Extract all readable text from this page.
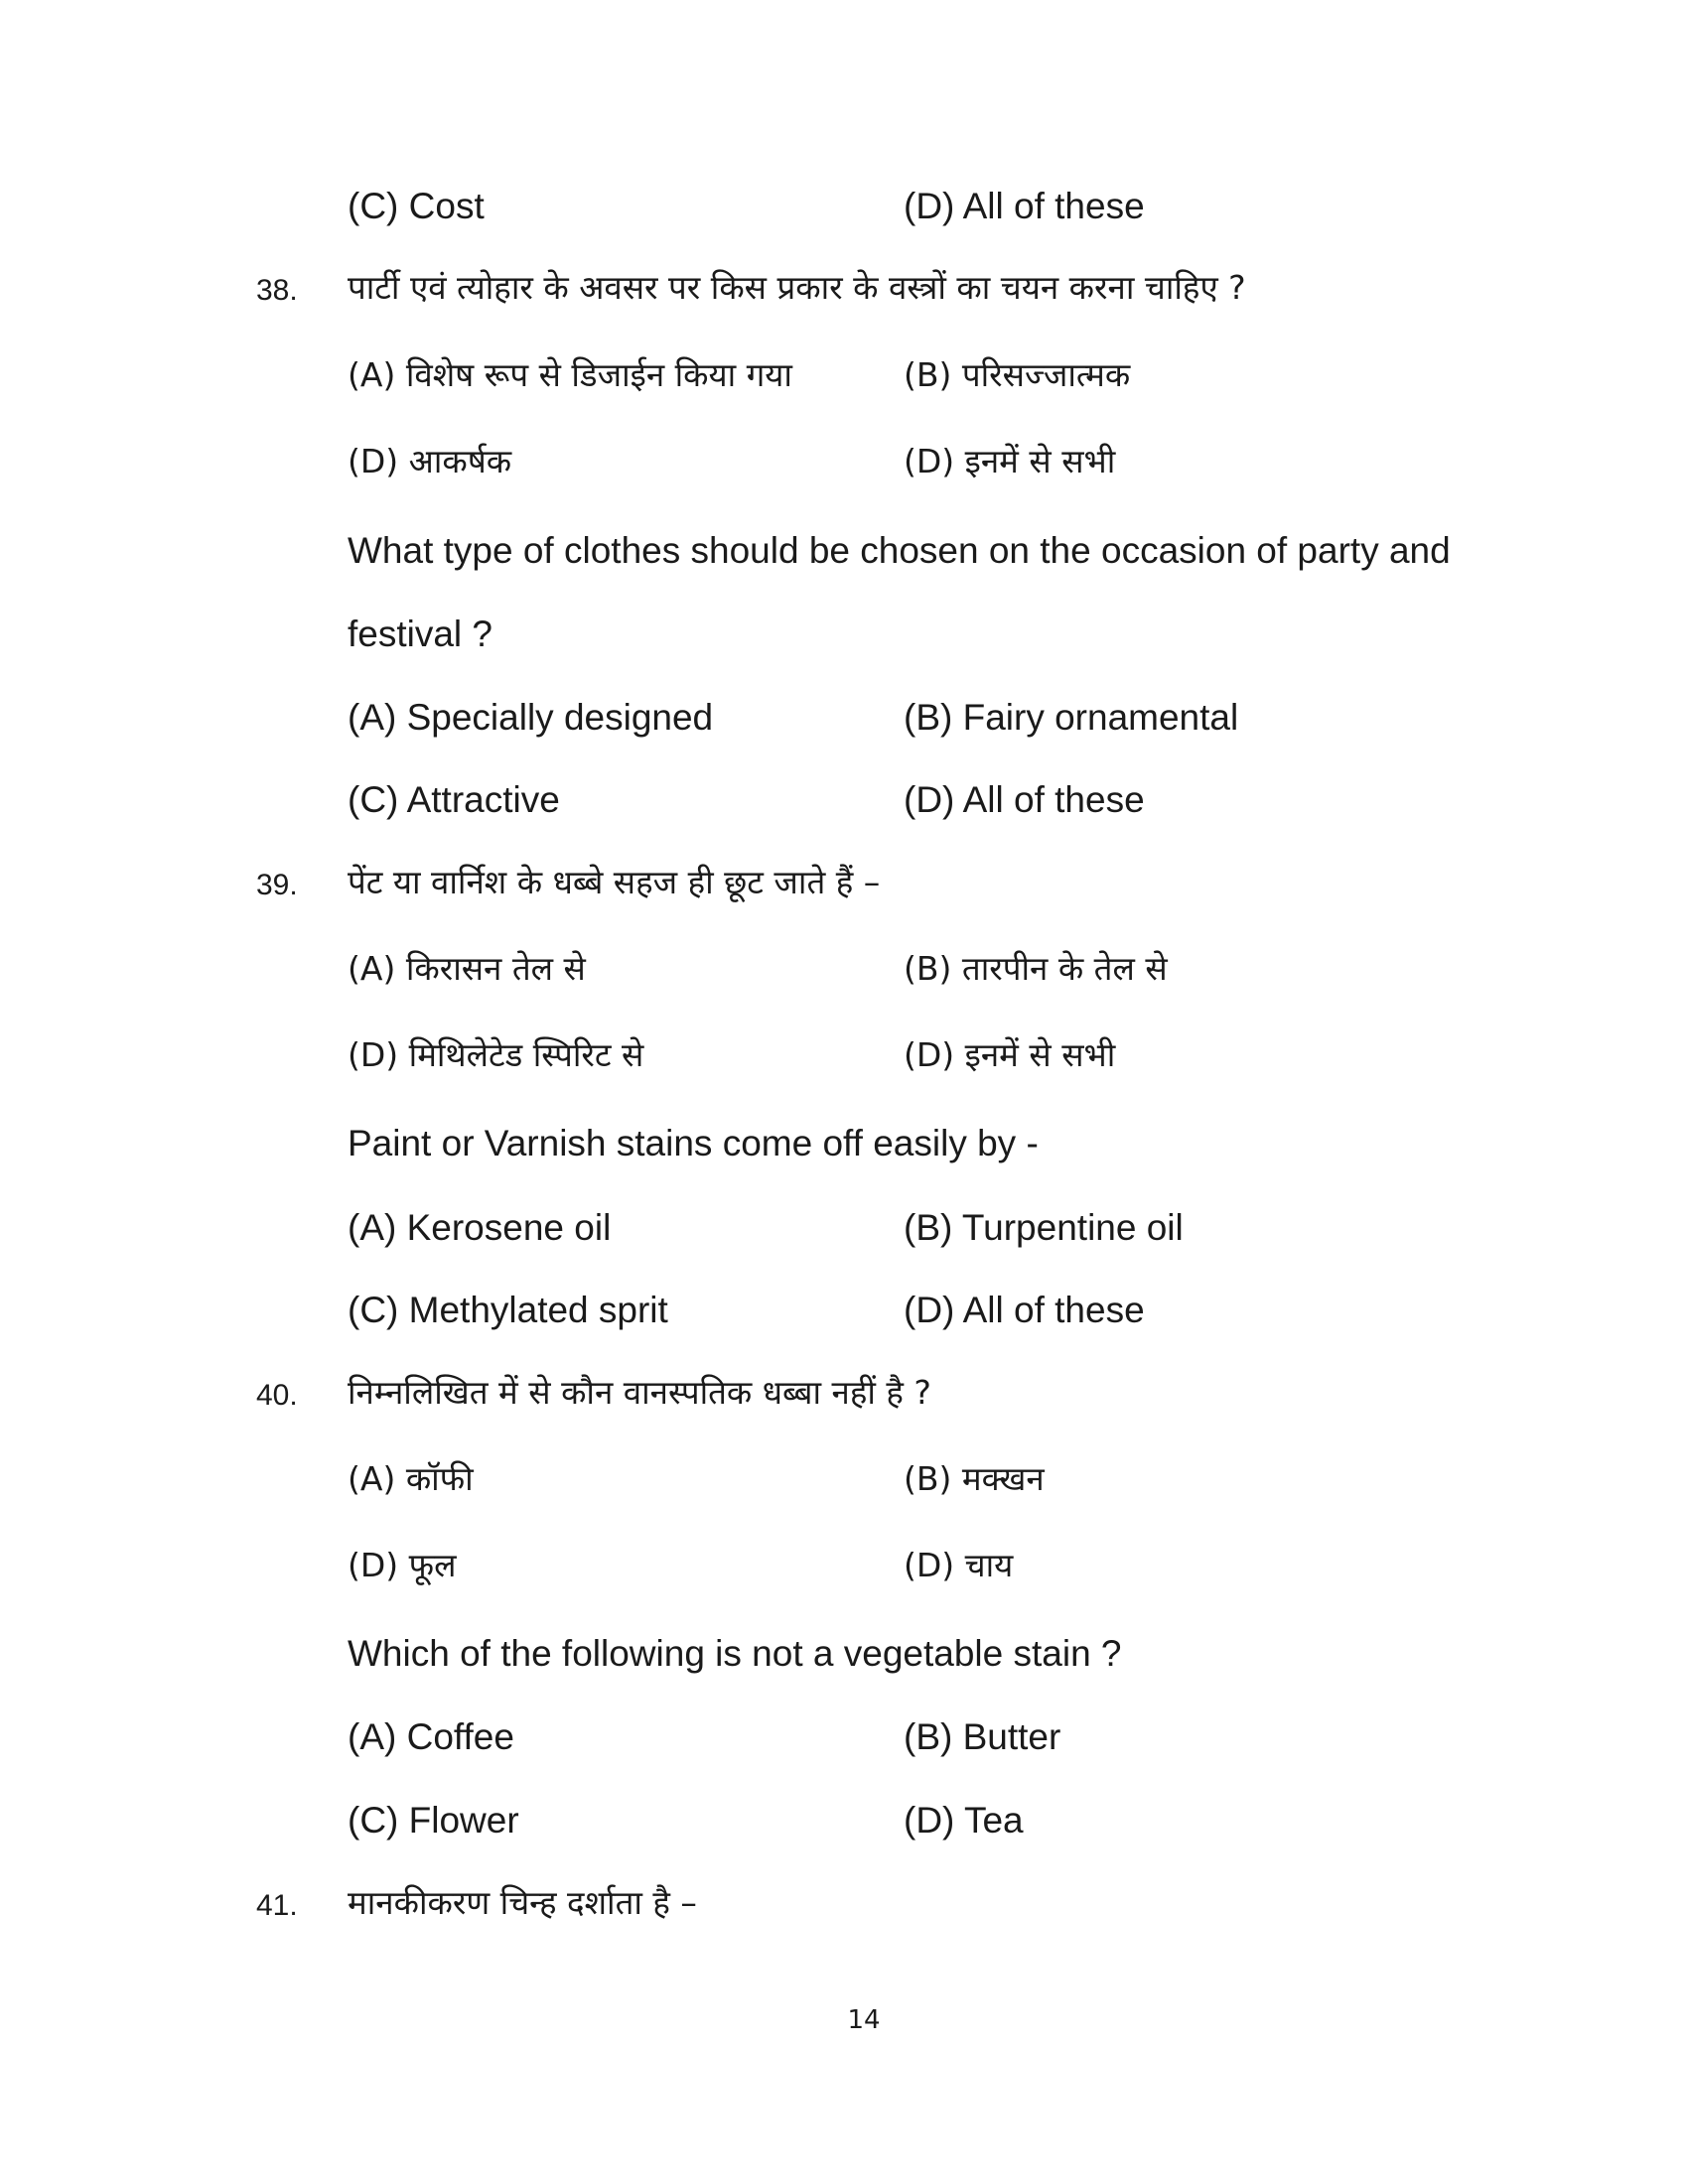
(C) Cost	(D) All of these
38. पार्टी एवं त्योहार के अवसर पर किस प्रकार के वस्त्रों का चयन करना चाहिए ?
(A) विशेष रूप से डिजाईन किया गया	(B) परिसज्जात्मक
(D) आकर्षक	(D) इनमें से सभी
What type of clothes should be chosen on the occasion of party and
festival ?
(A) Specially designed	(B) Fairy ornamental
(C) Attractive	(D) All of these
39. पेंट या वार्निश के धब्बे सहज ही छूट जाते हैं –
(A) किरासन तेल से	(B) तारपीन के तेल से
(D) मिथिलेटेड स्पिरिट से	(D) इनमें से सभी
Paint or Varnish stains come off easily by -
(A) Kerosene oil	(B) Turpentine oil
(C) Methylated sprit	(D) All of these
40. निम्नलिखित में से कौन वानस्पतिक धब्बा नहीं है ?
(A) कॉफी	(B) मक्खन
(D) फूल	(D) चाय
Which of the following is not a vegetable stain ?
(A) Coffee	(B) Butter
(C) Flower	(D) Tea
41. मानकीकरण चिन्ह दर्शाता है –
14
